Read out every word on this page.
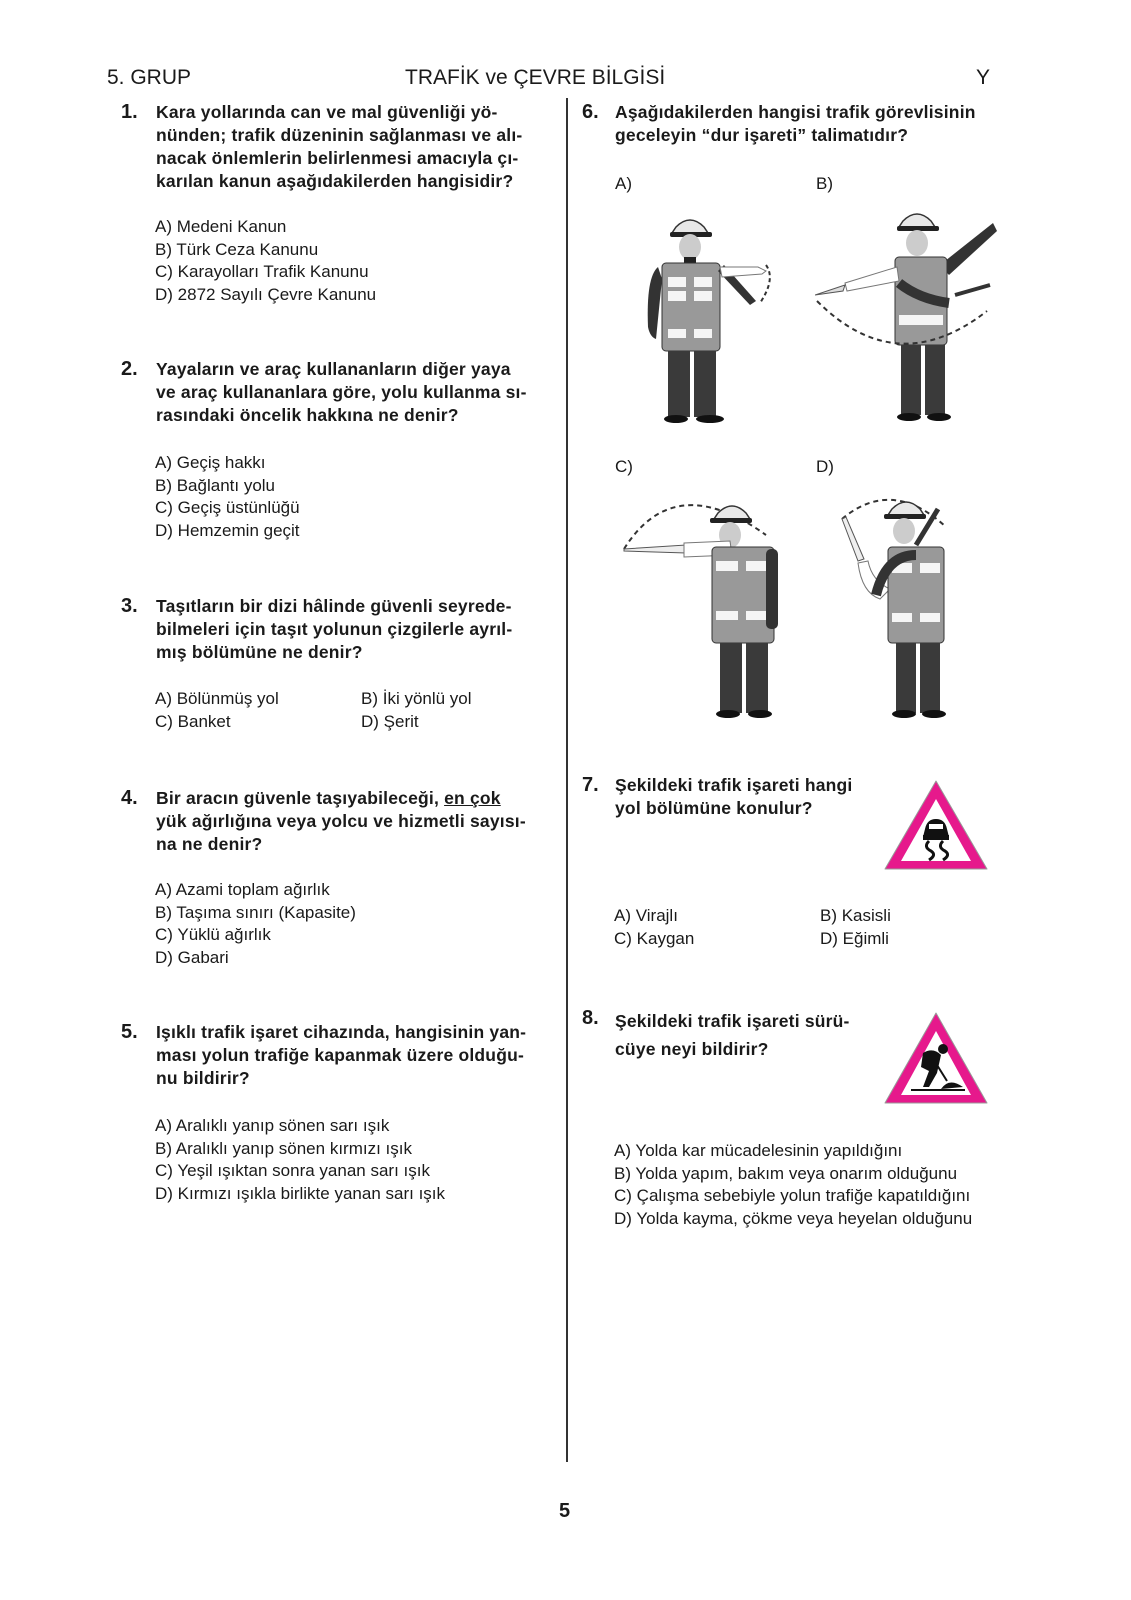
5. GRUP	TRAFİK ve ÇEVRE BİLGİSİ	Y
1. Kara yollarında can ve mal güvenliği yö-
nünden; trafik düzeninin sağlanması ve alı-
nacak önlemlerin belirlenmesi amacıyla çı-
karılan kanun aşağıdakilerden hangisidir?
A) Medeni Kanun
B) Türk Ceza Kanunu
C) Karayolları Trafik Kanunu
D) 2872 Sayılı Çevre Kanunu
2. Yayaların ve araç kullananların diğer yaya
ve araç kullananlara göre, yolu kullanma sı-
rasındaki öncelik hakkına ne denir?
A) Geçiş hakkı
B) Bağlantı yolu
C) Geçiş üstünlüğü
D) Hemzemin geçit
3. Taşıtların bir dizi hâlinde güvenli seyrede-
bilmeleri için taşıt yolunun çizgilerle ayrıl-
mış bölümüne ne denir?
A) Bölünmüş yol	B) İki yönlü yol
C) Banket	D) Şerit
4. Bir aracın güvenle taşıyabileceği, en çok
yük ağırlığına veya yolcu ve hizmetli sayısı-
na ne denir?
A) Azami toplam ağırlık
B) Taşıma sınırı (Kapasite)
C) Yüklü ağırlık
D) Gabari
5. Işıklı trafik işaret cihazında, hangisinin yan-
ması yolun trafiğe kapanmak üzere olduğu-
nu bildirir?
A) Aralıklı yanıp sönen sarı ışık
B) Aralıklı yanıp sönen kırmızı ışık
C) Yeşil ışıktan sonra yanan sarı ışık
D) Kırmızı ışıkla birlikte yanan sarı ışık
6. Aşağıdakilerden hangisi trafik görevlisinin
geceleyin “dur işareti” talimatıdır?
A)	B)
C)	D)
7. Şekildeki trafik işareti hangi
yol bölümüne konulur?
A) Virajlı	B) Kasisli
C) Kaygan	D) Eğimli
8. Şekildeki trafik işareti sürü-
cüye neyi bildirir?
A) Yolda kar mücadelesinin yapıldığını
B) Yolda yapım, bakım veya onarım olduğunu
C) Çalışma sebebiyle yolun trafiğe kapatıldığını
D) Yolda kayma, çökme veya heyelan olduğunu
5
